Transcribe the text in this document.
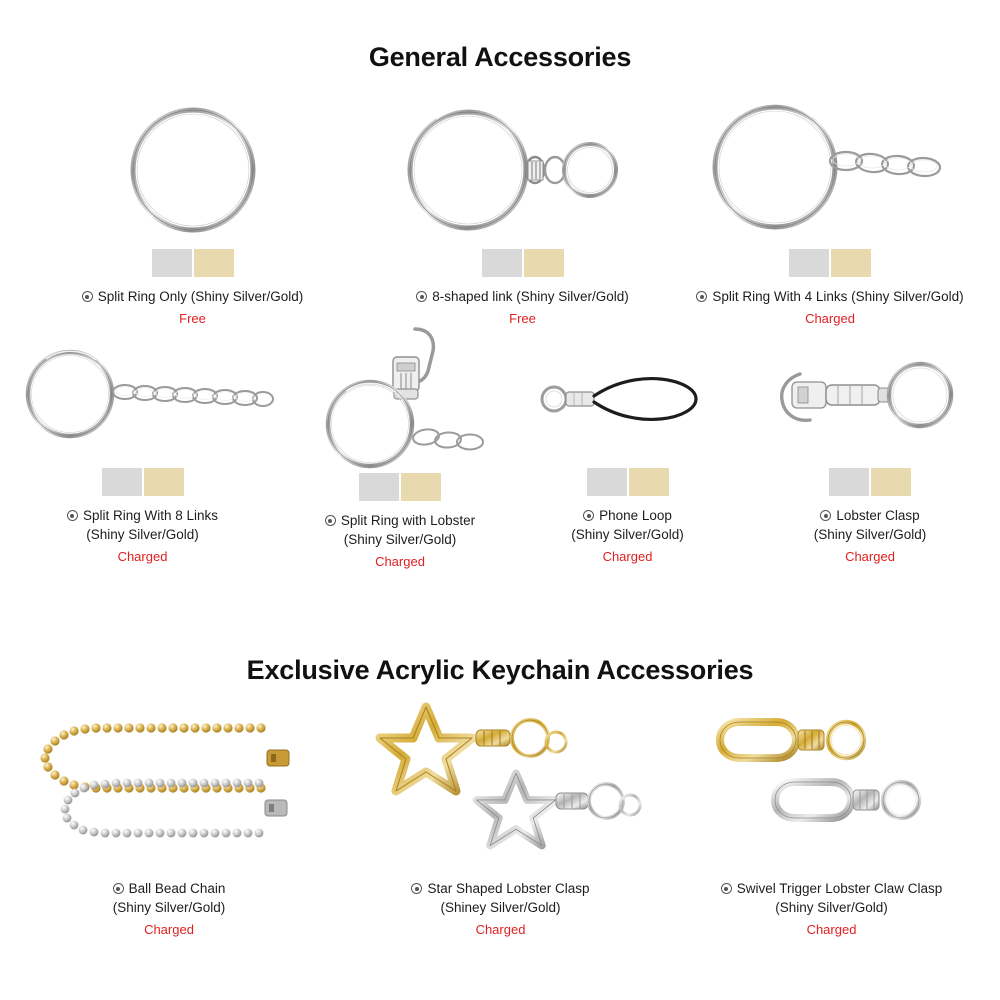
General Accessories
Split Ring Only (Shiny Silver/Gold)
Free
8-shaped link (Shiny Silver/Gold)
Free
Split Ring With 4 Links (Shiny Silver/Gold)
Charged
Split Ring With 8 Links
(Shiny Silver/Gold)
Charged
Split Ring with Lobster
(Shiny Silver/Gold)
Charged
Phone Loop
(Shiny Silver/Gold)
Charged
Lobster Clasp
(Shiny Silver/Gold)
Charged
Exclusive Acrylic Keychain Accessories
Ball Bead Chain
(Shiny Silver/Gold)
Charged
Star Shaped Lobster Clasp
(Shiney Silver/Gold)
Charged
Swivel Trigger Lobster Claw Clasp
(Shiny Silver/Gold)
Charged
